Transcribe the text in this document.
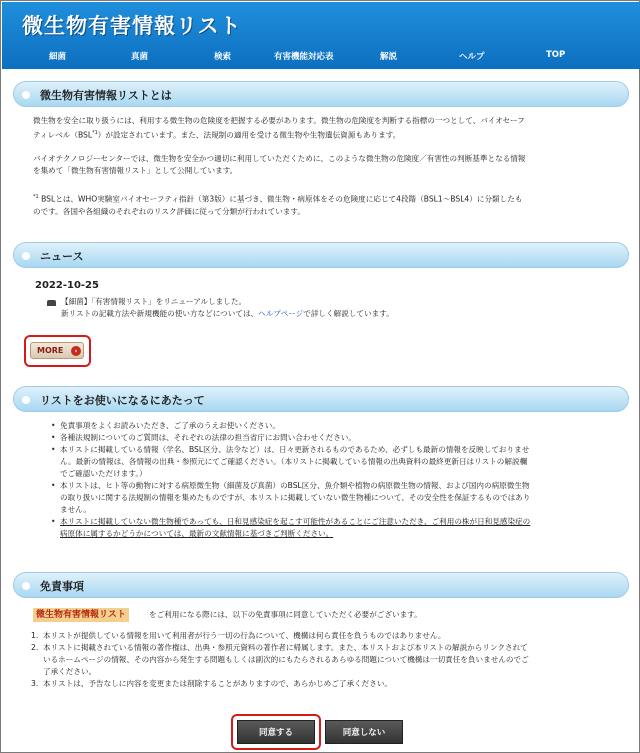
微生物有害情報リスト
細菌	真菌	検索	有害機能対応表	解説	ヘルプ	TOP
微生物有害情報リストとは

微生物を安全に取り扱うには、利用する微生物の危険度を把握する必要があります。微生物の危険度を判断する指標の一つとして、バイオセーフ
ティレベル（BSL$^{*1}$）が設定されています。また、法規制の適用を受ける微生物や生物遺伝資源もあります。

バイオテクノロジーセンターでは、微生物を安全かつ適切に利用していただくために、このような微生物の危険度／有害性の判断基準となる情報
を集めて「微生物有害情報リスト」として公開しています。

$^{*1}$ BSLとは、WHO実験室バイオセーフティ指針（第3版）に基づき、微生物・病原体をその危険度に応じて4段階（BSL1～BSL4）に分類したも
のです。各国や各組織のそれぞれのリスク評価に従って分類が行われています。

ニュース
2022-10-25

【細菌】「有害情報リスト」をリニューアルしました。
新リストの記載方法や新規機能の使い方などについては、ヘルプページで詳しく解説しています。

MORE	›
リストをお使いになるにあたって
• 免責事項をよくお読みいただき、ご了承のうえお使いください。
• 各種法規制についてのご質問は、それぞれの法律の担当省庁にお問い合わせください。
• 本リストに掲載している情報（学名、BSL区分、法令など）は、日々更新されるものであるため、必ずしも最新の情報を反映しておりませ
ん。最新の情報は、各情報の出典・参照元にてご確認ください。（本リストに掲載している情報の出典資料の最終更新日はリストの解説欄
でご確認いただけます。）
• 本リストは、ヒト等の動物に対する病原微生物（細菌及び真菌）のBSL区分、魚介類や植物の病原微生物の情報、および国内の病原微生物
の取り扱いに関する法規制の情報を集めたものですが、本リストに掲載していない微生物種について、その安全性を保証するものではあり
ません。
• 本リストに掲載していない微生物種であっても、日和見感染症を起こす可能性があることにご注意いただき、ご利用の株が日和見感染症の
病原体に属するかどうかについては、最新の文献情報に基づきご判断ください。
免責事項
微生物有害情報リスト	をご利用になる際には、以下の免責事項に同意していただく必要がございます。

1. 本リストが提供している情報を用いて利用者が行う一切の行為について、機構は何ら責任を負うものではありません。
2. 本リストに掲載されている情報の著作権は、出典・参照元資料の著作者に帰属します。また、本リストおよび本リストの解説からリンクされて
いるホームページの情報、その内容から発生する問題もしくは副次的にもたらされるあらゆる問題について機構は一切責任を負いませんのでご
了承ください。
3. 本リストは、予告なしに内容を変更または削除することがありますので、あらかじめご了承ください。
同意する	同意しない
